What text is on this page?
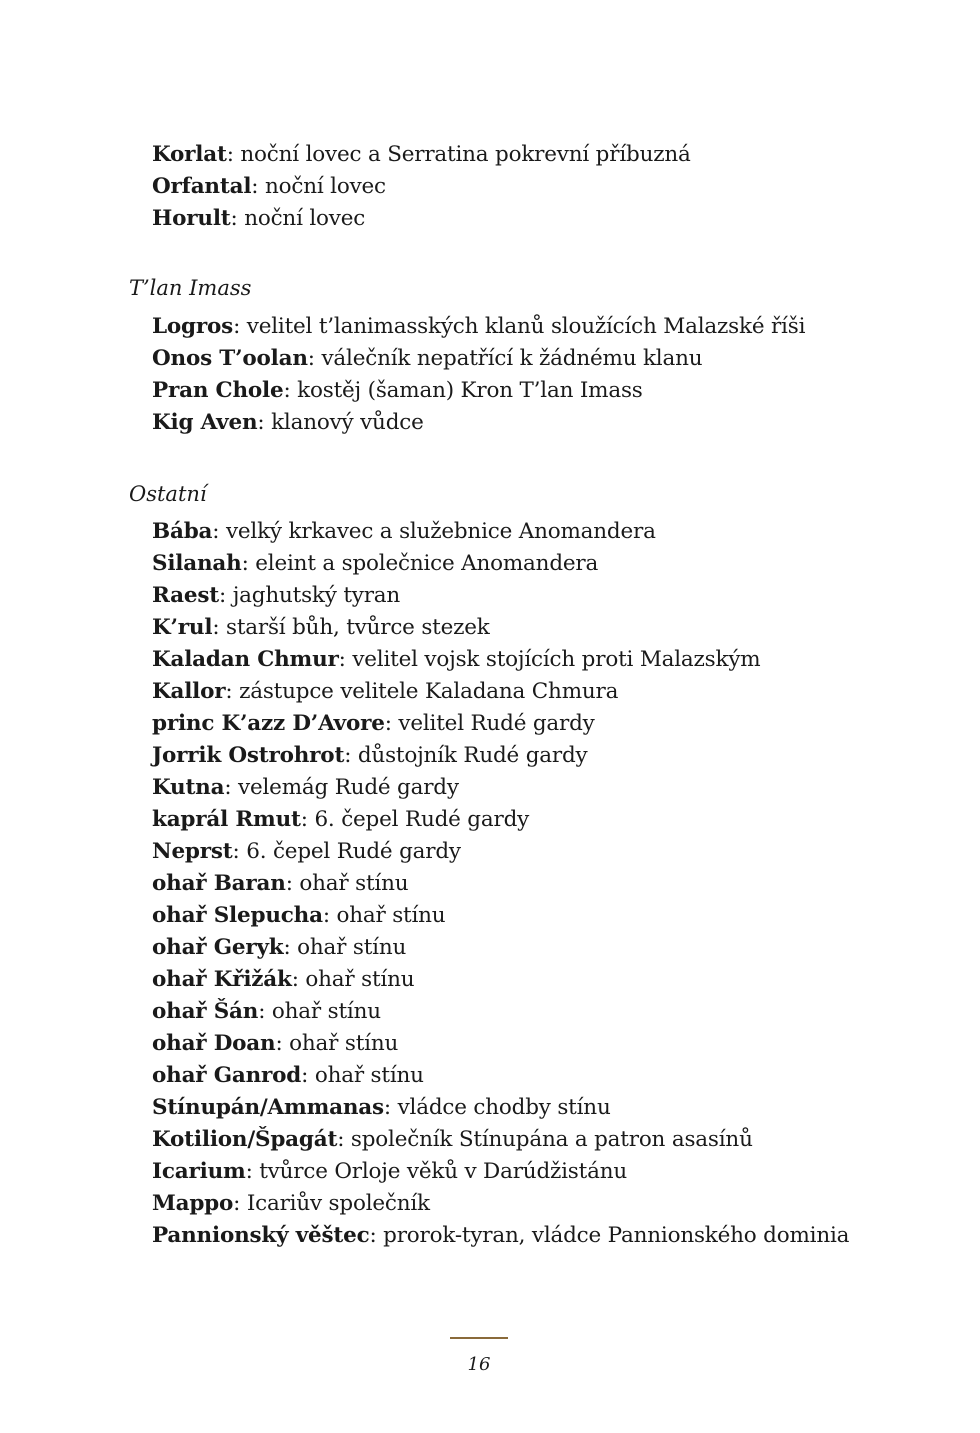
Korlat: noční lovec a Serratina pokrevní příbuzná
Orfantal: noční lovec
Horult: noční lovec
T’lan Imass
Logros: velitel t’lanimasských klanů sloužících Malazské říši
Onos T’oolan: válečník nepatřící k žádnému klanu
Pran Chole: kostěj (šaman) Kron T’lan Imass
Kig Aven: klanový vůdce
Ostatní
Bába: velký krkavec a služebnice Anomandera
Silanah: eleint a společnice Anomandera
Raest: jaghutský tyran
K’rul: starší bůh, tvůrce stezek
Kaladan Chmur: velitel vojsk stojících proti Malazským
Kallor: zástupce velitele Kaladana Chmura
princ K’azz D’Avore: velitel Rudé gardy
Jorrik Ostrohrot: důstojník Rudé gardy
Kutna: velemág Rudé gardy
kaprál Rmut: 6. čepel Rudé gardy
Neprst: 6. čepel Rudé gardy
ohař Baran: ohař stínu
ohař Slepucha: ohař stínu
ohař Geryk: ohař stínu
ohař Křižák: ohař stínu
ohař Šán: ohař stínu
ohař Doan: ohař stínu
ohař Ganrod: ohař stínu
Stínupán/Ammanas: vládce chodby stínu
Kotilion/Špagát: společník Stínupána a patron asasínů
Icarium: tvůrce Orloje věků v Darúdžistánu
Mappo: Icariův společník
Pannionský věštec: prorok-tyran, vládce Pannionského dominia
16
